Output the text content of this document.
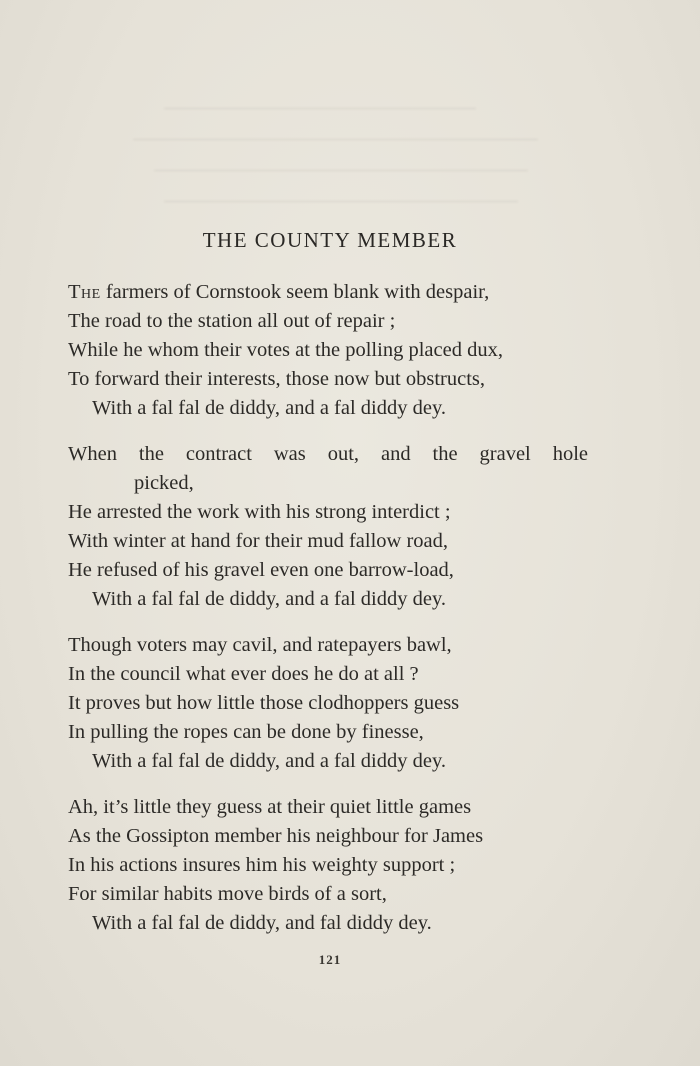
THE COUNTY MEMBER
The farmers of Cornstook seem blank with despair,
The road to the station all out of repair ;
While he whom their votes at the polling placed dux,
To forward their interests, those now but obstructs,
With a fal fal de diddy, and a fal diddy dey.
When the contract was out, and the gravel hole
picked,
He arrested the work with his strong interdict ;
With winter at hand for their mud fallow road,
He refused of his gravel even one barrow-load,
With a fal fal de diddy, and a fal diddy dey.
Though voters may cavil, and ratepayers bawl,
In the council what ever does he do at all ?
It proves but how little those clodhoppers guess
In pulling the ropes can be done by finesse,
With a fal fal de diddy, and a fal diddy dey.
Ah, it’s little they guess at their quiet little games
As the Gossipton member his neighbour for James
In his actions insures him his weighty support ;
For similar habits move birds of a sort,
With a fal fal de diddy, and fal diddy dey.
121
